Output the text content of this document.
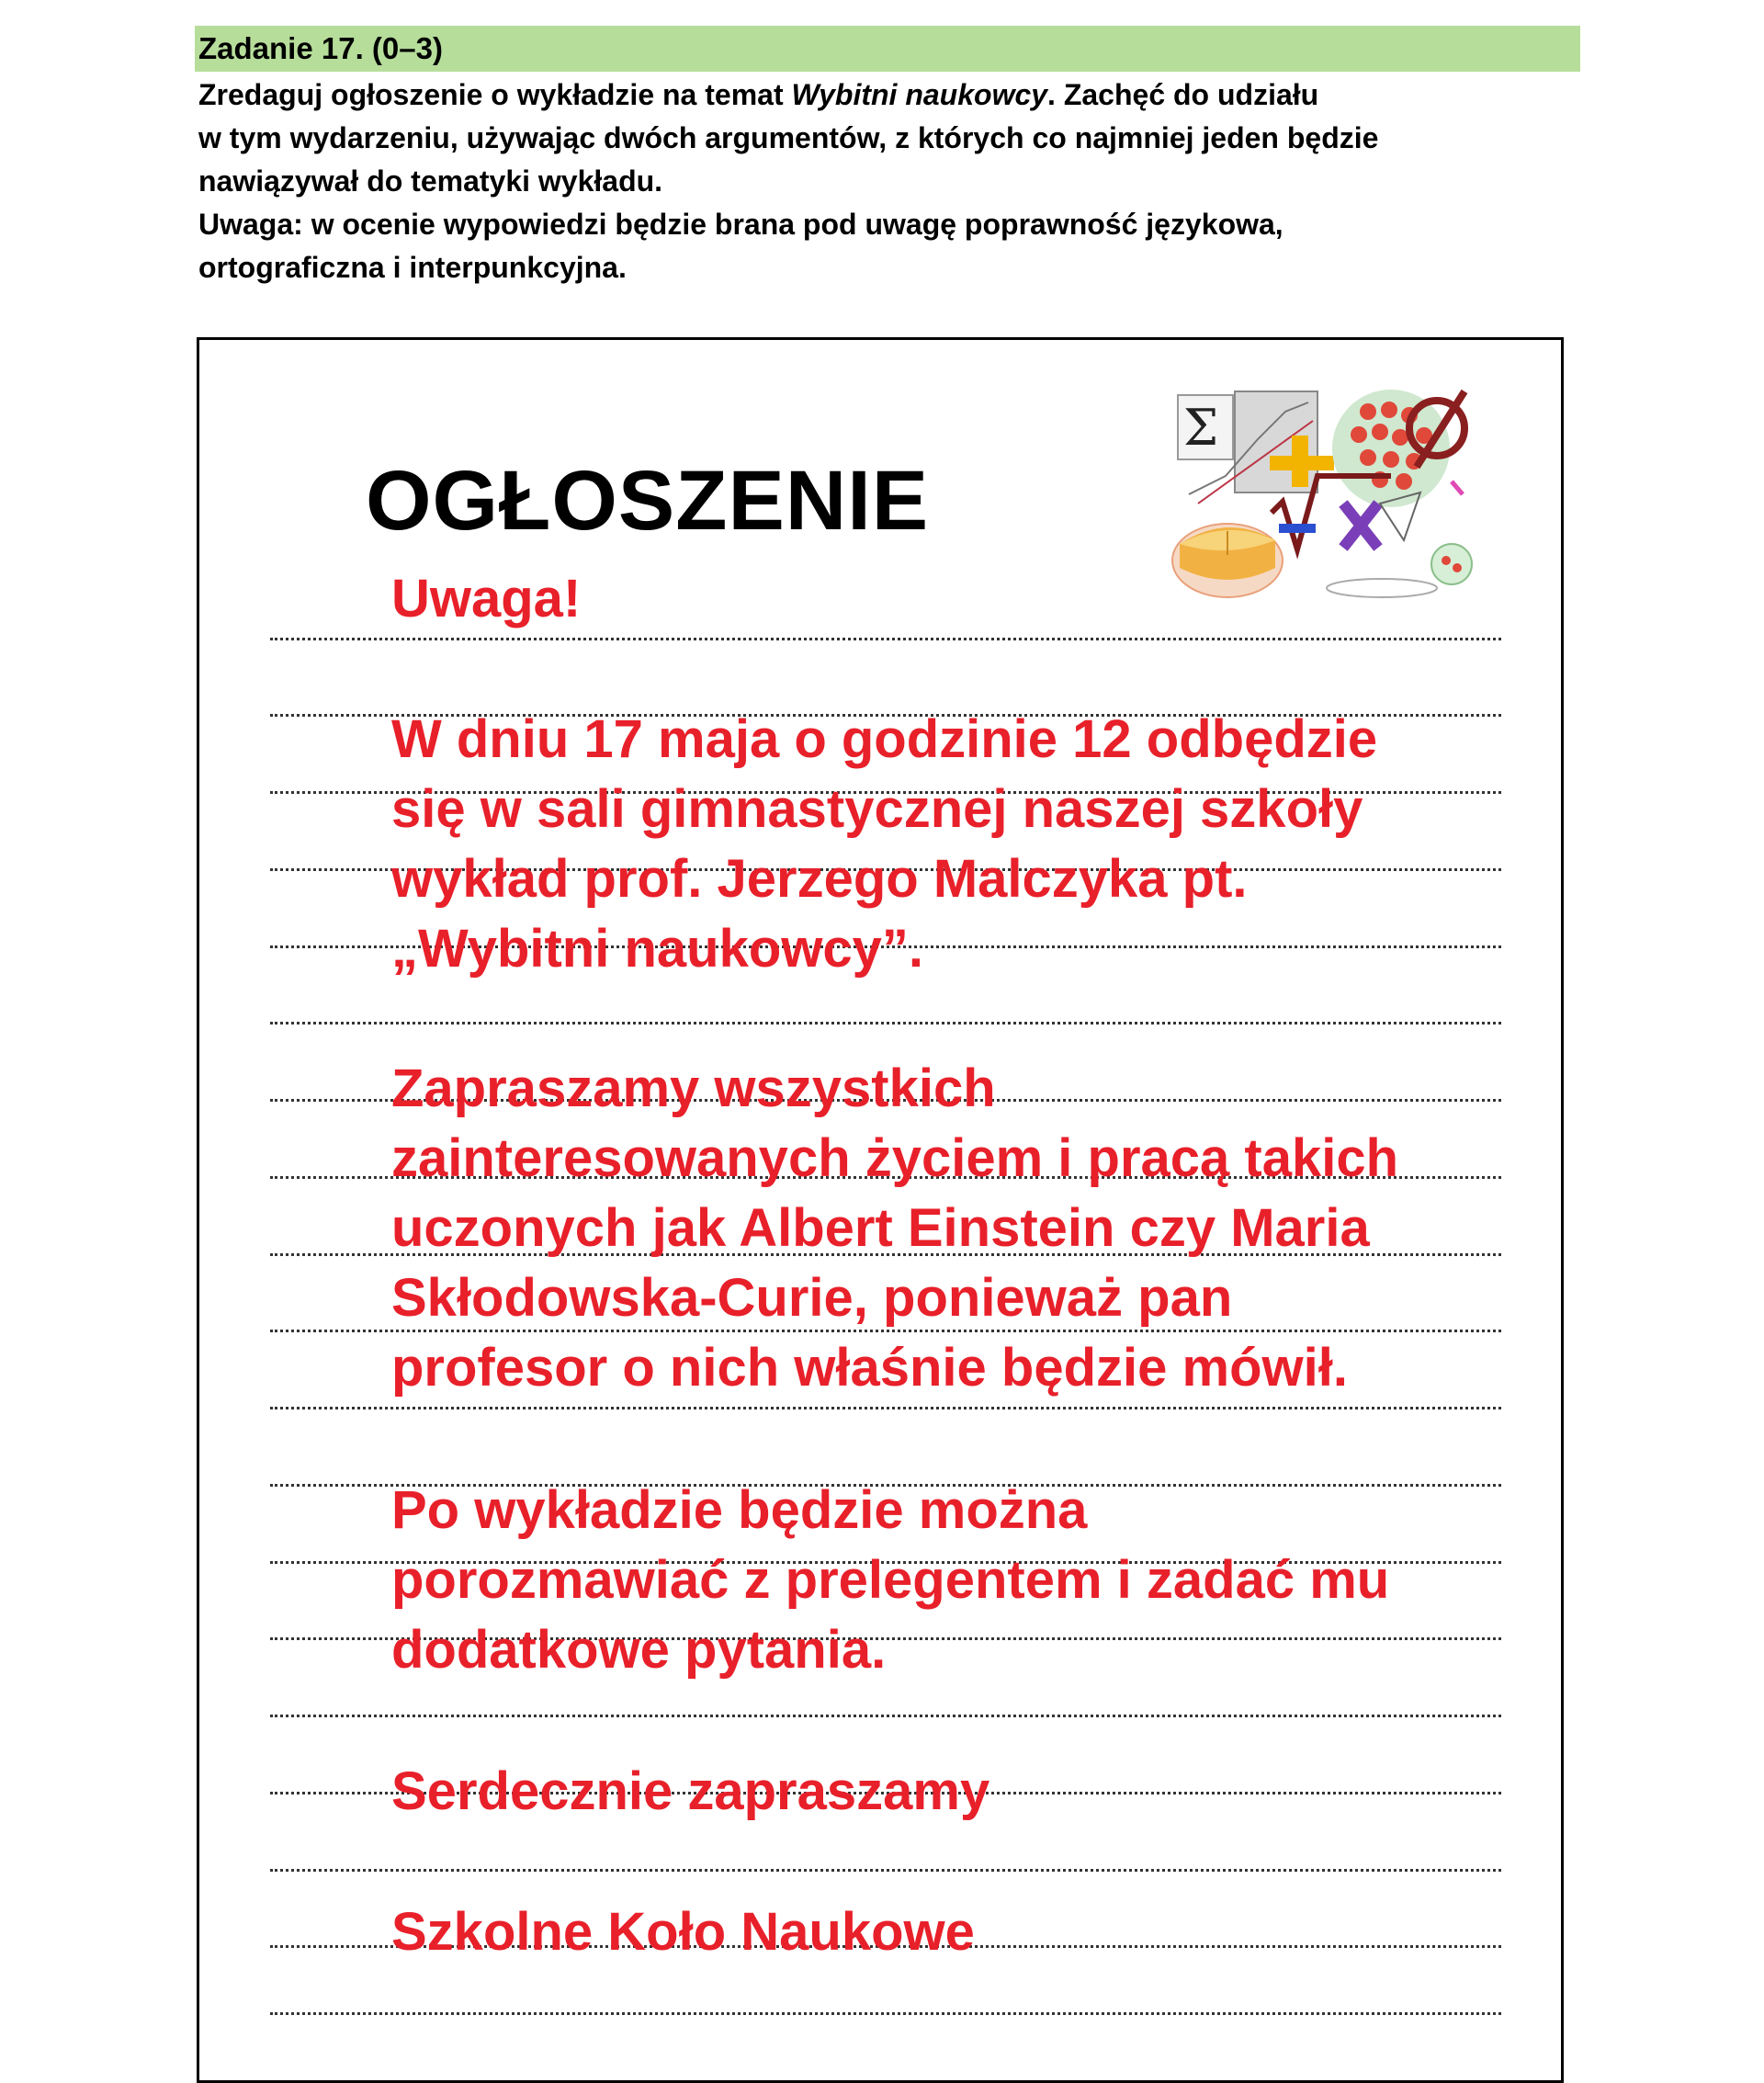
Zadanie 17. (0–3)

Zredaguj ogłoszenie o wykładzie na temat Wybitni naukowcy. Zachęć do udziału

w tym wydarzeniu, używając dwóch argumentów, z których co najmniej jeden będzie

nawiązywał do tematyki wykładu.

Uwaga: w ocenie wypowiedzi będzie brana pod uwagę poprawność językowa,

ortograficzna i interpunkcyjna.

OGŁOSZENIE
Σ
Uwaga!
W dniu 17 maja o godzinie 12 odbędzie
się w sali gimnastycznej naszej szkoły
wykład prof. Jerzego Malczyka pt.
„Wybitni naukowcy”.
Zapraszamy wszystkich
zainteresowanych życiem i pracą takich
uczonych jak Albert Einstein czy Maria
Skłodowska-Curie, ponieważ pan
profesor o nich właśnie będzie mówił.
Po wykładzie będzie można
porozmawiać z prelegentem i zadać mu
dodatkowe pytania.
Serdecznie zapraszamy
Szkolne Koło Naukowe
